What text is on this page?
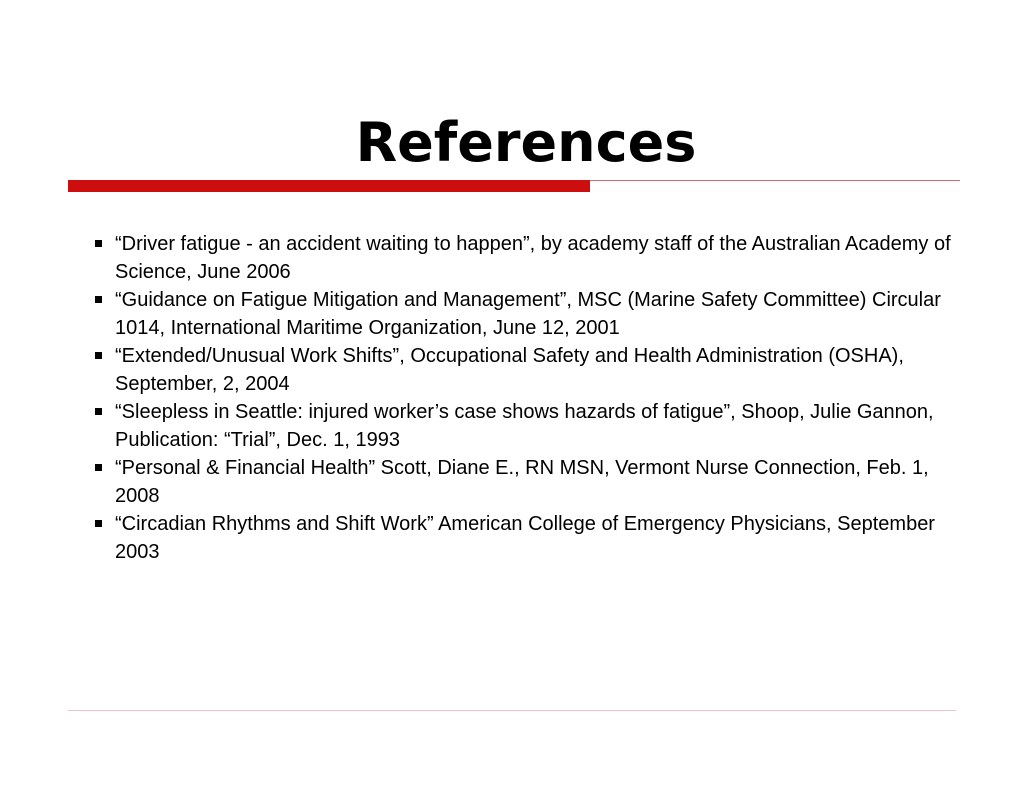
References
“Driver fatigue - an accident waiting to happen”, by academy staff of the Australian Academy of Science, June 2006
“Guidance on Fatigue Mitigation and Management”, MSC (Marine Safety Committee) Circular 1014, International Maritime Organization, June 12, 2001
“Extended/Unusual Work Shifts”, Occupational Safety and Health Administration (OSHA), September, 2, 2004
“Sleepless in Seattle: injured worker’s case shows hazards of fatigue”, Shoop, Julie Gannon, Publication: “Trial”, Dec. 1, 1993
“Personal & Financial Health” Scott, Diane E., RN MSN, Vermont Nurse Connection, Feb. 1, 2008
“Circadian Rhythms and Shift Work” American College of Emergency Physicians, September 2003
